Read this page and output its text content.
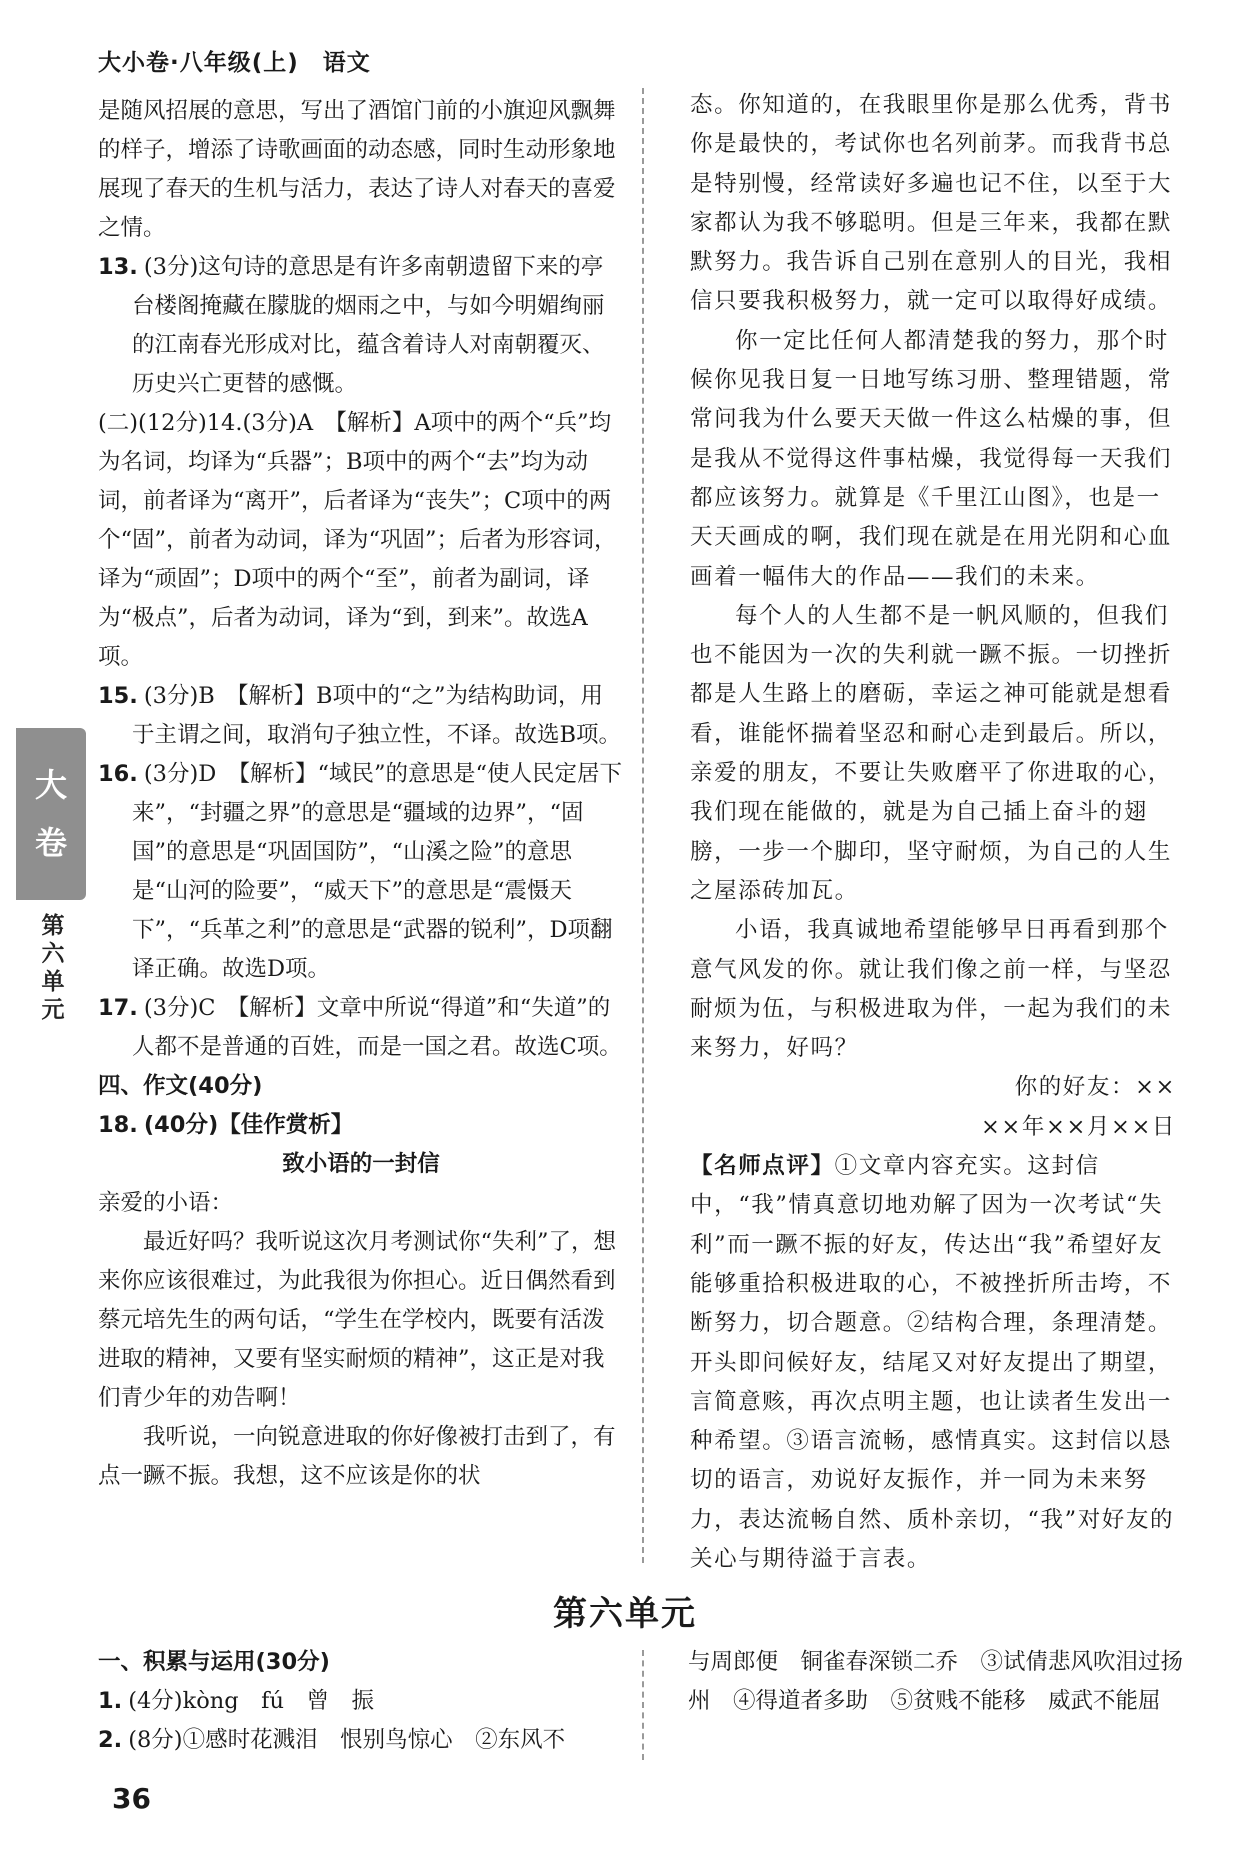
大小卷·八年级(上)　语文

是随风招展的意思，写出了酒馆门前的小旗迎风飘舞的样子，增添了诗歌画面的动态感，同时生动形象地展现了春天的生机与活力，表达了诗人对春天的喜爱之情。

13. (3分)这句诗的意思是有许多南朝遗留下来的亭台楼阁掩藏在朦胧的烟雨之中，与如今明媚绚丽的江南春光形成对比，蕴含着诗人对南朝覆灭、历史兴亡更替的感慨。

(二)(12分)14.(3分)A　【解析】A项中的两个“兵”均为名词，均译为“兵器”；B项中的两个“去”均为动词，前者译为“离开”，后者译为“丧失”；C项中的两个“固”，前者为动词，译为“巩固”；后者为形容词，译为“顽固”；D项中的两个“至”，前者为副词，译为“极点”，后者为动词，译为“到，到来”。故选A项。

15. (3分)B　【解析】B项中的“之”为结构助词，用于主谓之间，取消句子独立性，不译。故选B项。

16. (3分)D　【解析】“域民”的意思是“使人民定居下来”，“封疆之界”的意思是“疆域的边界”，“固国”的意思是“巩固国防”，“山溪之险”的意思是“山河的险要”，“威天下”的意思是“震慑天下”，“兵革之利”的意思是“武器的锐利”，D项翻译正确。故选D项。

17. (3分)C　【解析】文章中所说“得道”和“失道”的人都不是普通的百姓，而是一国之君。故选C项。

四、作文(40分)

18. (40分)【佳作赏析】

致小语的一封信

亲爱的小语：

最近好吗？我听说这次月考测试你“失利”了，想来你应该很难过，为此我很为你担心。近日偶然看到蔡元培先生的两句话，“学生在学校内，既要有活泼进取的精神，又要有坚实耐烦的精神”，这正是对我们青少年的劝告啊！

我听说，一向锐意进取的你好像被打击到了，有点一蹶不振。我想，这不应该是你的状

态。你知道的，在我眼里你是那么优秀，背书你是最快的，考试你也名列前茅。而我背书总是特别慢，经常读好多遍也记不住，以至于大家都认为我不够聪明。但是三年来，我都在默默努力。我告诉自己别在意别人的目光，我相信只要我积极努力，就一定可以取得好成绩。

你一定比任何人都清楚我的努力，那个时候你见我日复一日地写练习册、整理错题，常常问我为什么要天天做一件这么枯燥的事，但是我从不觉得这件事枯燥，我觉得每一天我们都应该努力。就算是《千里江山图》，也是一天天画成的啊，我们现在就是在用光阴和心血画着一幅伟大的作品——我们的未来。

每个人的人生都不是一帆风顺的，但我们也不能因为一次的失利就一蹶不振。一切挫折都是人生路上的磨砺，幸运之神可能就是想看看，谁能怀揣着坚忍和耐心走到最后。所以，亲爱的朋友，不要让失败磨平了你进取的心，我们现在能做的，就是为自己插上奋斗的翅膀，一步一个脚印，坚守耐烦，为自己的人生之屋添砖加瓦。

小语，我真诚地希望能够早日再看到那个意气风发的你。就让我们像之前一样，与坚忍耐烦为伍，与积极进取为伴，一起为我们的未来努力，好吗？

你的好友：××

××年××月××日

【名师点评】①文章内容充实。这封信中，“我”情真意切地劝解了因为一次考试“失利”而一蹶不振的好友，传达出“我”希望好友能够重拾积极进取的心，不被挫折所击垮，不断努力，切合题意。②结构合理，条理清楚。开头即问候好友，结尾又对好友提出了期望，言简意赅，再次点明主题，也让读者生发出一种希望。③语言流畅，感情真实。这封信以恳切的语言，劝说好友振作，并一同为未来努力，表达流畅自然、质朴亲切，“我”对好友的关心与期待溢于言表。

第六单元

一、积累与运用(30分)

1. (4分)kòng　fú　曾　振

2. (8分)①感时花溅泪　恨别鸟惊心　②东风不

与周郎便　铜雀春深锁二乔　③试倩悲风吹泪过扬州　④得道者多助　⑤贫贱不能移　威武不能屈

大
卷
第六单元
36
